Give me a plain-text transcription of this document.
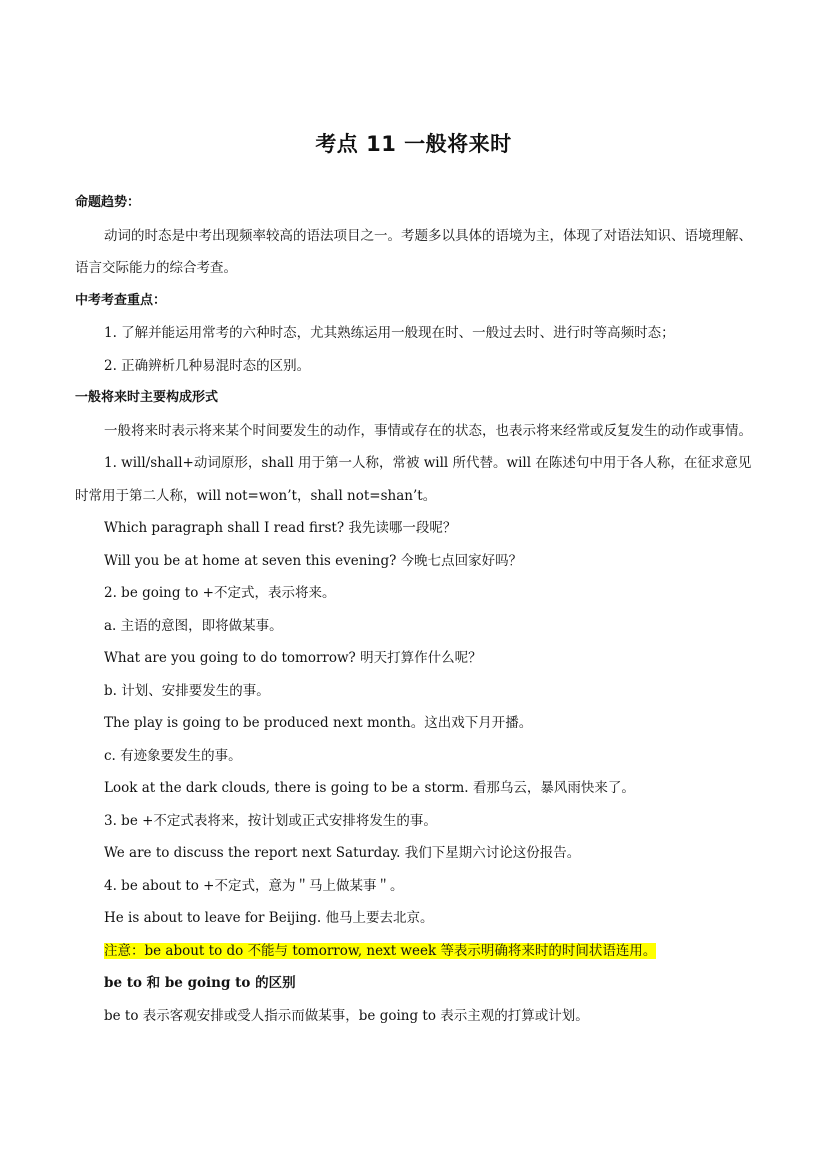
考点 11 一般将来时

命题趋势：

动词的时态是中考出现频率较高的语法项目之一。考题多以具体的语境为主，体现了对语法知识、语境理解、语言交际能力的综合考查。

中考考查重点：

1. 了解并能运用常考的六种时态，尤其熟练运用一般现在时、一般过去时、进行时等高频时态；

2. 正确辨析几种易混时态的区别。

一般将来时主要构成形式

一般将来时表示将来某个时间要发生的动作，事情或存在的状态，也表示将来经常或反复发生的动作或事情。

1. will/shall+动词原形，shall 用于第一人称，常被 will 所代替。will 在陈述句中用于各人称，在征求意见时常用于第二人称，will not=won’t，shall not=shan’t。

Which paragraph shall I read first? 我先读哪一段呢？

Will you be at home at seven this evening? 今晚七点回家好吗？

2. be going to +不定式，表示将来。

a. 主语的意图，即将做某事。

What are you going to do tomorrow? 明天打算作什么呢？

b. 计划、安排要发生的事。

The play is going to be produced next month。这出戏下月开播。

c. 有迹象要发生的事。

Look at the dark clouds, there is going to be a storm. 看那乌云，暴风雨快来了。

3. be +不定式表将来，按计划或正式安排将发生的事。

We are to discuss the report next Saturday. 我们下星期六讨论这份报告。

4. be about to +不定式，意为＂马上做某事＂。

He is about to leave for Beijing. 他马上要去北京。

注意：be about to do 不能与 tomorrow, next week 等表示明确将来时的时间状语连用。

be to 和 be going to 的区别

be to 表示客观安排或受人指示而做某事，be going to 表示主观的打算或计划。
